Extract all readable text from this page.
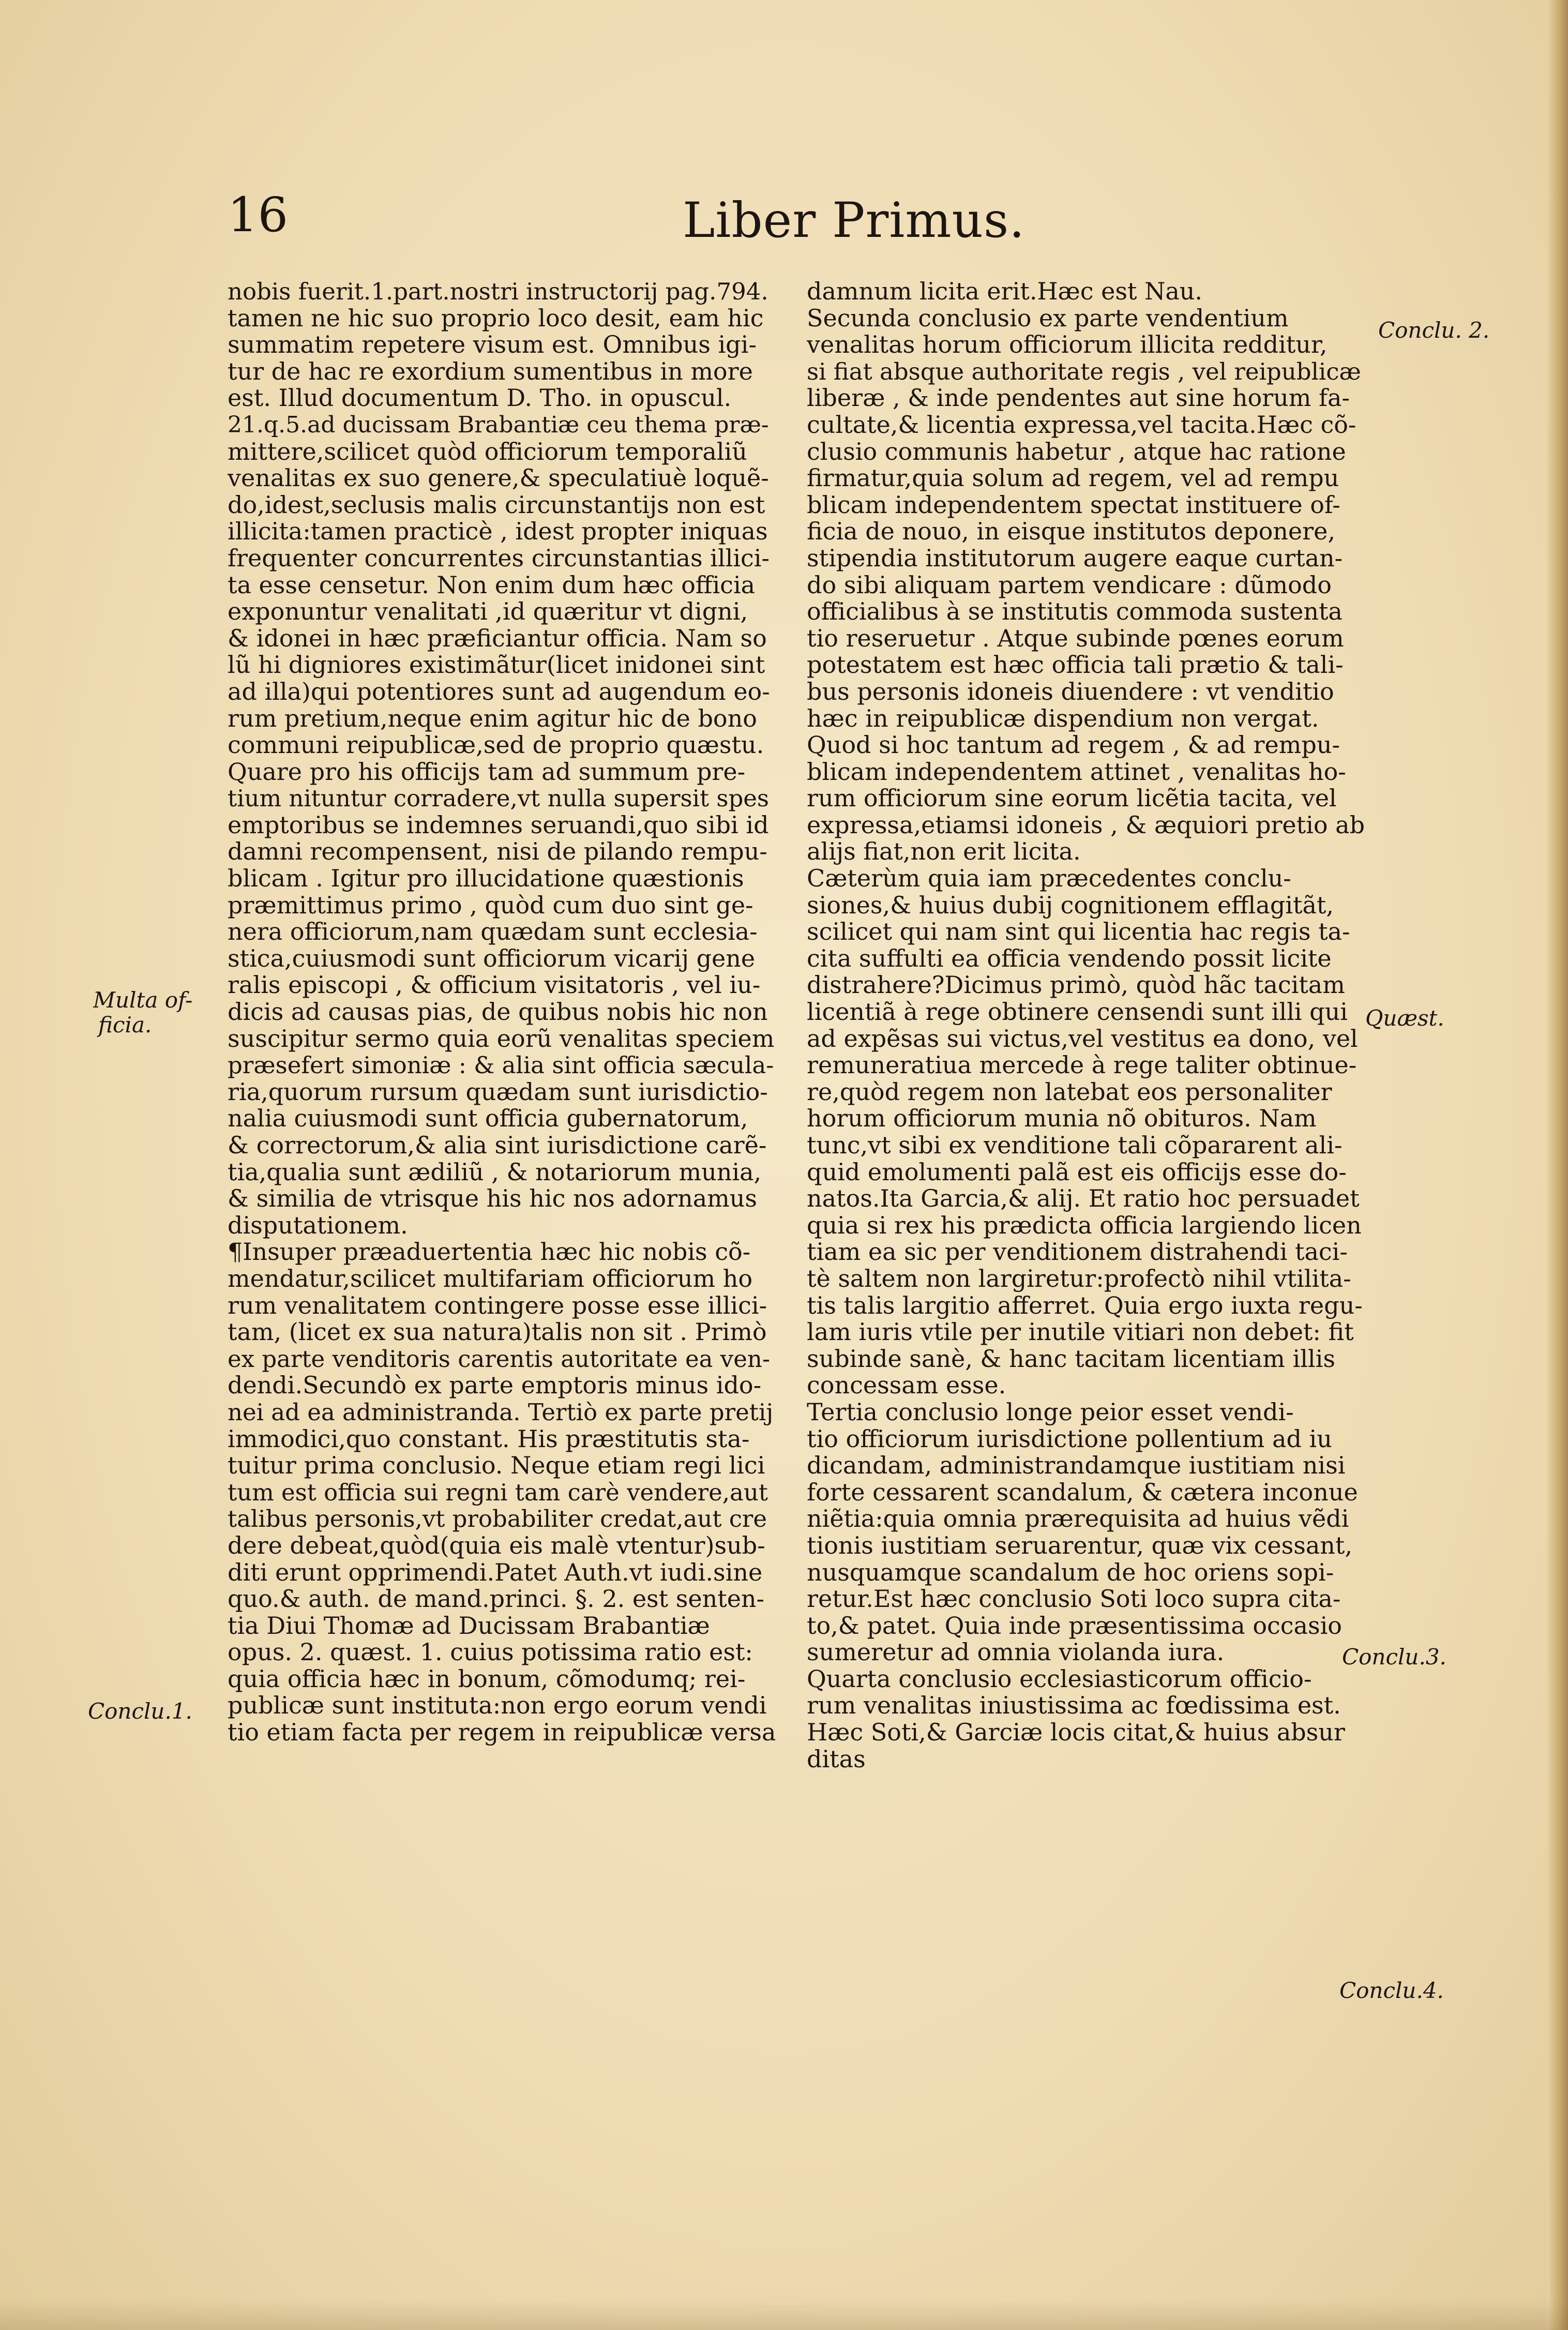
16	Liber Primus.
nobis fuerit.1.part.nostri instructorij pag.794.
tamen ne hic suo proprio loco desit, eam hic
summatim repetere visum est. Omnibus igi-
tur de hac re exordium sumentibus in more
est. Illud documentum D. Tho. in opuscul.
21.q.5.ad ducissam Brabantiæ ceu thema præ-
mittere,scilicet quòd officiorum temporaliũ
venalitas ex suo genere,& speculatiuè loquẽ-
do,idest,seclusis malis circunstantijs non est
illicita:tamen practicè , idest propter iniquas
frequenter concurrentes circunstantias illici-
ta esse censetur. Non enim dum hæc officia
exponuntur venalitati ,id quæritur vt digni,
& idonei in hæc præficiantur officia. Nam so
lũ hi digniores existimãtur(licet inidonei sint
ad illa)qui potentiores sunt ad augendum eo-
rum pretium,neque enim agitur hic de bono
communi reipublicæ,sed de proprio quæstu.
Quare pro his officijs tam ad summum pre-
tium nituntur corradere,vt nulla supersit spes
emptoribus se indemnes seruandi,quo sibi id
damni recompensent, nisi de pilando rempu-
blicam . Igitur pro illucidatione quæstionis
præmittimus primo , quòd cum duo sint ge-
nera officiorum,nam quædam sunt ecclesia-
stica,cuiusmodi sunt officiorum vicarij gene
ralis episcopi , & officium visitatoris , vel iu-
dicis ad causas pias, de quibus nobis hic non
suscipitur sermo quia eorũ venalitas speciem
præsefert simoniæ : & alia sint officia sæcula-
ria,quorum rursum quædam sunt iurisdictio-
nalia cuiusmodi sunt officia gubernatorum,
& correctorum,& alia sint iurisdictione carẽ-
tia,qualia sunt ædiliũ , & notariorum munia,
& similia de vtrisque his hic nos adornamus
disputationem.
¶Insuper præaduertentia hæc hic nobis cõ-
mendatur,scilicet multifariam officiorum ho
rum venalitatem contingere posse esse illici-
tam, (licet ex sua natura)talis non sit . Primò
ex parte venditoris carentis autoritate ea ven-
dendi.Secundò ex parte emptoris minus ido-
nei ad ea administranda. Tertiò ex parte pretij
immodici,quo constant. His præstitutis sta-
tuitur prima conclusio. Neque etiam regi lici
tum est officia sui regni tam carè vendere,aut
talibus personis,vt probabiliter credat,aut cre
dere debeat,quòd(quia eis malè vtentur)sub-
diti erunt opprimendi.Patet Auth.vt iudi.sine
quo.& auth. de mand.princi. §. 2. est senten-
tia Diui Thomæ ad Ducissam Brabantiæ
opus. 2. quæst. 1. cuius potissima ratio est:
quia officia hæc in bonum, cõmodumq; rei-
publicæ sunt instituta:non ergo eorum vendi
tio etiam facta per regem in reipublicæ versa
damnum licita erit.Hæc est Nau.
Secunda conclusio ex parte vendentium
venalitas horum officiorum illicita redditur,
si fiat absque authoritate regis , vel reipublicæ
liberæ , & inde pendentes aut sine horum fa-
cultate,& licentia expressa,vel tacita.Hæc cõ-
clusio communis habetur , atque hac ratione
firmatur,quia solum ad regem, vel ad rempu
blicam independentem spectat instituere of-
ficia de nouo, in eisque institutos deponere,
stipendia institutorum augere eaque curtan-
do sibi aliquam partem vendicare : dũmodo
officialibus à se institutis commoda sustenta
tio reseruetur . Atque subinde pœnes eorum
potestatem est hæc officia tali prætio & tali-
bus personis idoneis diuendere : vt venditio
hæc in reipublicæ dispendium non vergat.
Quod si hoc tantum ad regem , & ad rempu-
blicam independentem attinet , venalitas ho-
rum officiorum sine eorum licẽtia tacita, vel
expressa,etiamsi idoneis , & æquiori pretio ab
alijs fiat,non erit licita.
Cæterùm quia iam præcedentes conclu-
siones,& huius dubij cognitionem efflagitãt,
scilicet qui nam sint qui licentia hac regis ta-
cita suffulti ea officia vendendo possit licite
distrahere?Dicimus primò, quòd hãc tacitam
licentiã à rege obtinere censendi sunt illi qui
ad expẽsas sui victus,vel vestitus ea dono, vel
remuneratiua mercede à rege taliter obtinue-
re,quòd regem non latebat eos personaliter
horum officiorum munia nõ obituros. Nam
tunc,vt sibi ex venditione tali cõpararent ali-
quid emolumenti palã est eis officijs esse do-
natos.Ita Garcia,& alij. Et ratio hoc persuadet
quia si rex his prædicta officia largiendo licen
tiam ea sic per venditionem distrahendi taci-
tè saltem non largiretur:profectò nihil vtilita-
tis talis largitio afferret. Quia ergo iuxta regu-
lam iuris vtile per inutile vitiari non debet: fit
subinde sanè, & hanc tacitam licentiam illis
concessam esse.
Tertia conclusio longe peior esset vendi-
tio officiorum iurisdictione pollentium ad iu
dicandam, administrandamque iustitiam nisi
forte cessarent scandalum, & cætera inconue
niẽtia:quia omnia prærequisita ad huius vẽdi
tionis iustitiam seruarentur, quæ vix cessant,
nusquamque scandalum de hoc oriens sopi-
retur.Est hæc conclusio Soti loco supra cita-
to,& patet. Quia inde præsentissima occasio
sumeretur ad omnia violanda iura.
Quarta conclusio ecclesiasticorum officio-
rum venalitas iniustissima ac fœdissima est.
Hæc Soti,& Garciæ locis citat,& huius absur
ditas
Multa of-
ficia.
Conclu.1.
Conclu. 2.
Quæst.
Conclu.3.
Conclu.4.
